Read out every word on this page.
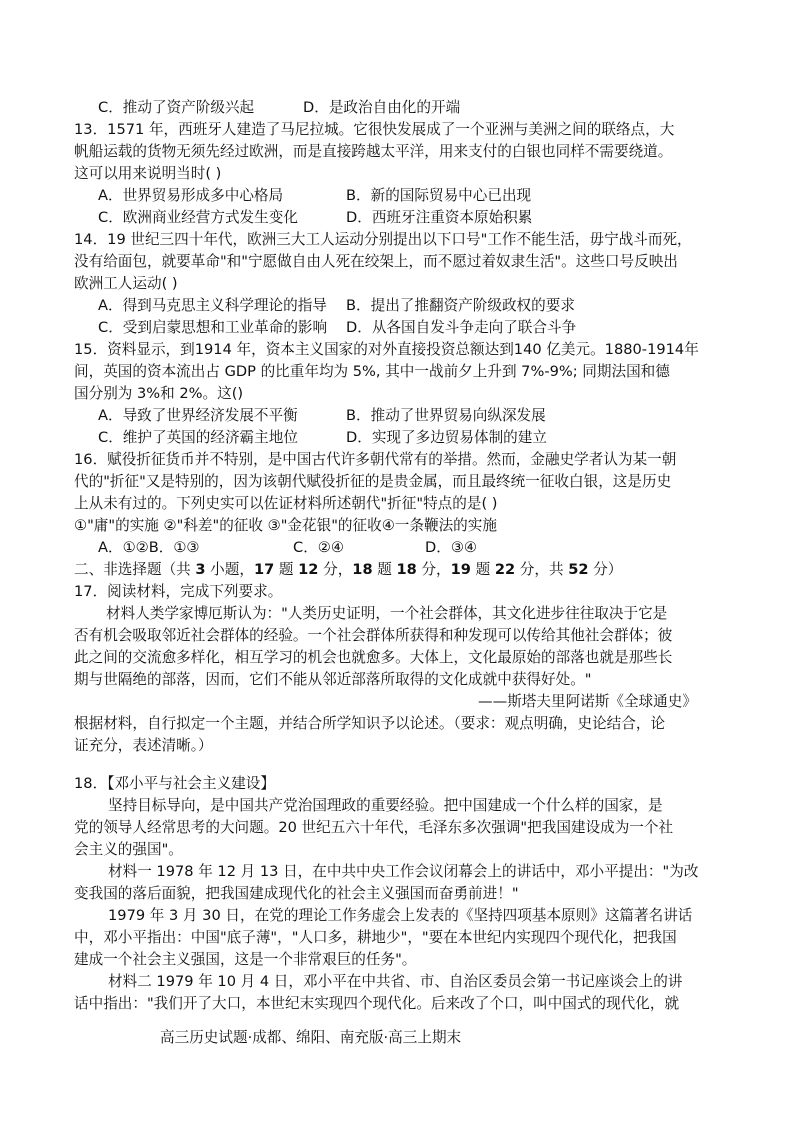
C．推动了资产阶级兴起	D．是政治自由化的开端
13．1571 年，西班牙人建造了马尼拉城。它很快发展成了一个亚洲与美洲之间的联络点，大
帆船运载的货物无须先经过欧洲，而是直接跨越太平洋，用来支付的白银也同样不需要绕道。
这可以用来说明当时( )
A．世界贸易形成多中心格局	B．新的国际贸易中心已出现
C．欧洲商业经营方式发生变化	D．西班牙注重资本原始积累
14．19 世纪三四十年代，欧洲三大工人运动分别提出以下口号"工作不能生活，毋宁战斗而死，
没有给面包，就要革命"和"宁愿做自由人死在绞架上，而不愿过着奴隶生活"。这些口号反映出
欧洲工人运动( )
A．得到马克思主义科学理论的指导 B．提出了推翻资产阶级政权的要求
C．受到启蒙思想和工业革命的影响 D．从各国自发斗争走向了联合斗争
15．资料显示，到1914 年，资本主义国家的对外直接投资总额达到140 亿美元。1880-1914年
间，英国的资本流出占 GDP 的比重年均为 5%, 其中一战前夕上升到 7%-9%; 同期法国和德
国分别为 3%和 2%。这()
A．导致了世界经济发展不平衡	B．推动了世界贸易向纵深发展
C．维护了英国的经济霸主地位	D．实现了多边贸易体制的建立
16．赋役折征货币并不特别，是中国古代许多朝代常有的举措。然而，金融史学者认为某一朝
代的"折征"又是特别的，因为该朝代赋役折征的是贵金属，而且最终统一征收白银，这是历史
上从未有过的。下列史实可以佐证材料所述朝代"折征"特点的是( )
①"庸"的实施 ②"科差"的征收 ③"金花银"的征收④一条鞭法的实施
A．①②B．①③	C．②④	D．③④
二、非选择题（共 3 小题，17 题 12 分，18 题 18 分，19 题 22 分，共 52 分）
17．阅读材料，完成下列要求。
材料人类学家博厄斯认为："人类历史证明，一个社会群体，其文化进步往往取决于它是
否有机会吸取邻近社会群体的经验。一个社会群体所获得和种发现可以传给其他社会群体；彼
此之间的交流愈多样化，相互学习的机会也就愈多。大体上，文化最原始的部落也就是那些长
期与世隔绝的部落，因而，它们不能从邻近部落所取得的文化成就中获得好处。"
——斯塔夫里阿诺斯《全球通史》
根据材料，自行拟定一个主题，并结合所学知识予以论述。（要求：观点明确，史论结合，论
证充分，表述清晰。）
18．【邓小平与社会主义建设】
坚持目标导向，是中国共产党治国理政的重要经验。把中国建成一个什么样的国家，是
党的领导人经常思考的大问题。20 世纪五六十年代，毛泽东多次强调"把我国建设成为一个社
会主义的强国"。
材料一 1978 年 12 月 13 日，在中共中央工作会议闭幕会上的讲话中，邓小平提出："为改
变我国的落后面貌，把我国建成现代化的社会主义强国而奋勇前进！"
1979 年 3 月 30 日，在党的理论工作务虚会上发表的《坚持四项基本原则》这篇著名讲话
中，邓小平指出：中国"底子薄"，"人口多，耕地少"，"要在本世纪内实现四个现代化，把我国
建成一个社会主义强国，这是一个非常艰巨的任务"。
材料二 1979 年 10 月 4 日，邓小平在中共省、市、自治区委员会第一书记座谈会上的讲
话中指出："我们开了大口，本世纪末实现四个现代化。后来改了个口，叫中国式的现代化，就
高三历史试题·成都、绵阳、南充版·高三上期末
